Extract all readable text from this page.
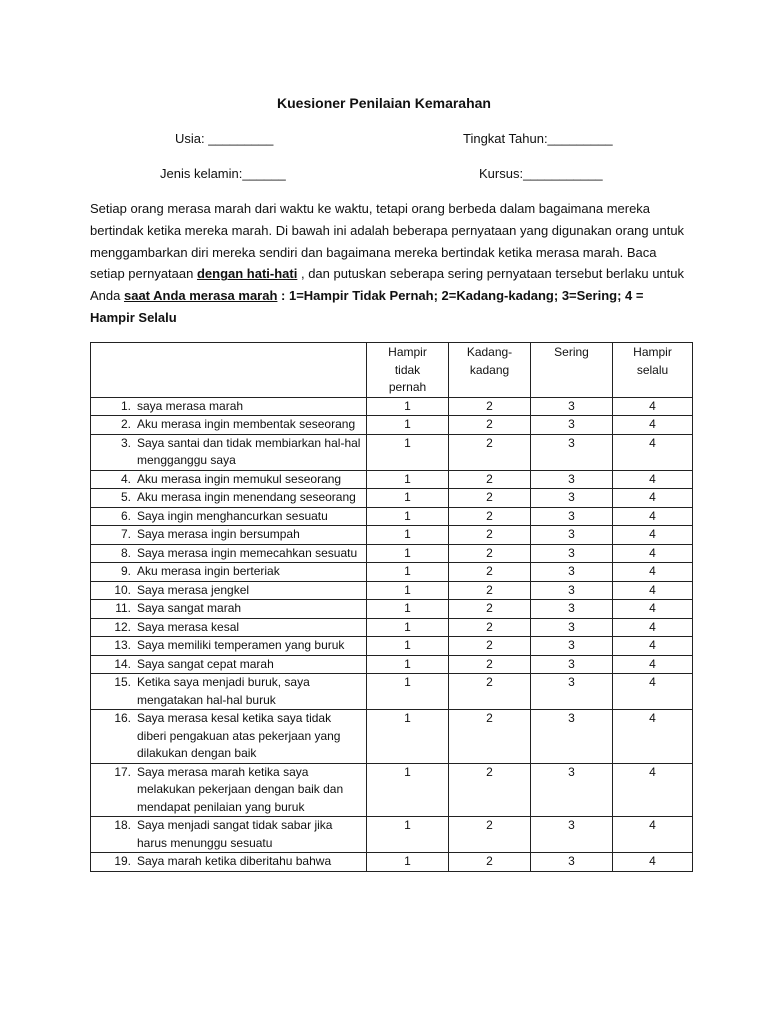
Kuesioner Penilaian Kemarahan
Usia: _________	Tingkat Tahun:_________
Jenis kelamin:______	Kursus:___________
Setiap orang merasa marah dari waktu ke waktu, tetapi orang berbeda dalam bagaimana mereka bertindak ketika mereka marah. Di bawah ini adalah beberapa pernyataan yang digunakan orang untuk menggambarkan diri mereka sendiri dan bagaimana mereka bertindak ketika merasa marah. Baca setiap pernyataan dengan hati-hati , dan putuskan seberapa sering pernyataan tersebut berlaku untuk Anda saat Anda merasa marah : 1=Hampir Tidak Pernah; 2=Kadang-kadang; 3=Sering; 4 = Hampir Selalu
	Hampir tidak pernah	Kadang-kadang	Sering	Hampir selalu

1. saya merasa marah	1	2	3	4

2. Aku merasa ingin membentak seseorang	1	2	3	4

3. Saya santai dan tidak membiarkan hal-hal mengganggu saya	1	2	3	4

4. Aku merasa ingin memukul seseorang	1	2	3	4

5. Aku merasa ingin menendang seseorang	1	2	3	4

6. Saya ingin menghancurkan sesuatu	1	2	3	4

7. Saya merasa ingin bersumpah	1	2	3	4

8. Saya merasa ingin memecahkan sesuatu	1	2	3	4

9. Aku merasa ingin berteriak	1	2	3	4

10. Saya merasa jengkel	1	2	3	4

11. Saya sangat marah	1	2	3	4

12. Saya merasa kesal	1	2	3	4

13. Saya memiliki temperamen yang buruk	1	2	3	4

14. Saya sangat cepat marah	1	2	3	4

15. Ketika saya menjadi buruk, saya mengatakan hal-hal buruk	1	2	3	4

16. Saya merasa kesal ketika saya tidak diberi pengakuan atas pekerjaan yang dilakukan dengan baik	1	2	3	4

17. Saya merasa marah ketika saya melakukan pekerjaan dengan baik dan mendapat penilaian yang buruk	1	2	3	4

18. Saya menjadi sangat tidak sabar jika harus menunggu sesuatu	1	2	3	4

19. Saya marah ketika diberitahu bahwa	1	2	3	4
